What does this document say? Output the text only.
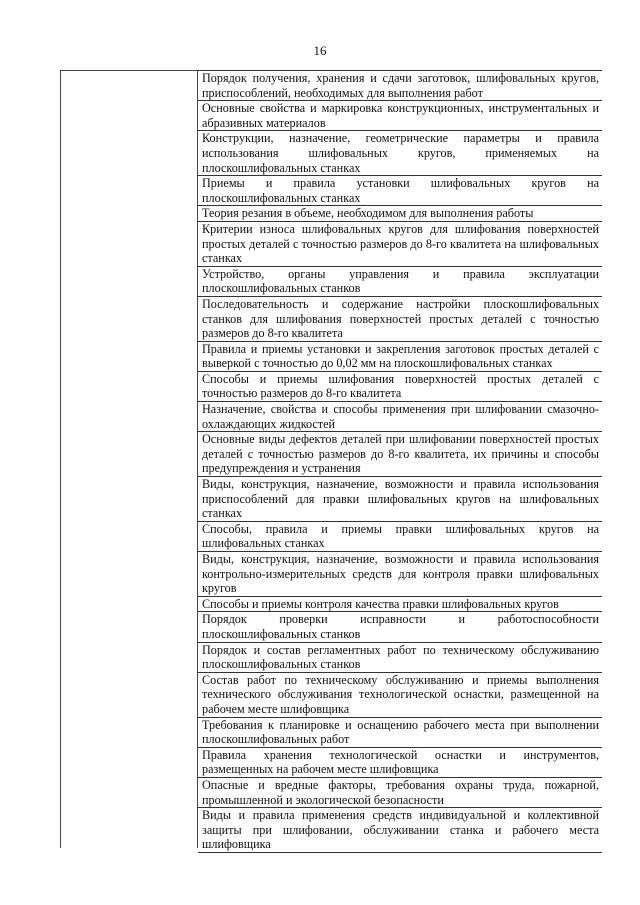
16
Порядок получения, хранения и сдачи заготовок, шлифовальных кругов, приспособлений, необходимых для выполнения работ
Основные свойства и маркировка конструкционных, инструментальных и абразивных материалов
Конструкции, назначение, геометрические параметры и правила использования шлифовальных кругов, применяемых на плоскошлифовальных станках
Приемы и правила установки шлифовальных кругов на плоскошлифовальных станках
Теория резания в объеме, необходимом для выполнения работы
Критерии износа шлифовальных кругов для шлифования поверхностей простых деталей с точностью размеров до 8-го квалитета на шлифовальных станках
Устройство, органы управления и правила эксплуатации плоскошлифовальных станков
Последовательность и содержание настройки плоскошлифовальных станков для шлифования поверхностей простых деталей с точностью размеров до 8-го квалитета
Правила и приемы установки и закрепления заготовок простых деталей с выверкой с точностью до 0,02 мм на плоскошлифовальных станках
Способы и приемы шлифования поверхностей простых деталей с точностью размеров до 8-го квалитета
Назначение, свойства и способы применения при шлифовании смазочно-охлаждающих жидкостей
Основные виды дефектов деталей при шлифовании поверхностей простых деталей с точностью размеров до 8-го квалитета, их причины и способы предупреждения и устранения
Виды, конструкция, назначение, возможности и правила использования приспособлений для правки шлифовальных кругов на шлифовальных станках
Способы, правила и приемы правки шлифовальных кругов на шлифовальных станках
Виды, конструкция, назначение, возможности и правила использования контрольно-измерительных средств для контроля правки шлифовальных кругов
Способы и приемы контроля качества правки шлифовальных кругов
Порядок проверки исправности и работоспособности плоскошлифовальных станков
Порядок и состав регламентных работ по техническому обслуживанию плоскошлифовальных станков
Состав работ по техническому обслуживанию и приемы выполнения технического обслуживания технологической оснастки, размещенной на рабочем месте шлифовщика
Требования к планировке и оснащению рабочего места при выполнении плоскошлифовальных работ
Правила хранения технологической оснастки и инструментов, размещенных на рабочем месте шлифовщика
Опасные и вредные факторы, требования охраны труда, пожарной, промышленной и экологической безопасности
Виды и правила применения средств индивидуальной и коллективной защиты при шлифовании, обслуживании станка и рабочего места шлифовщика
